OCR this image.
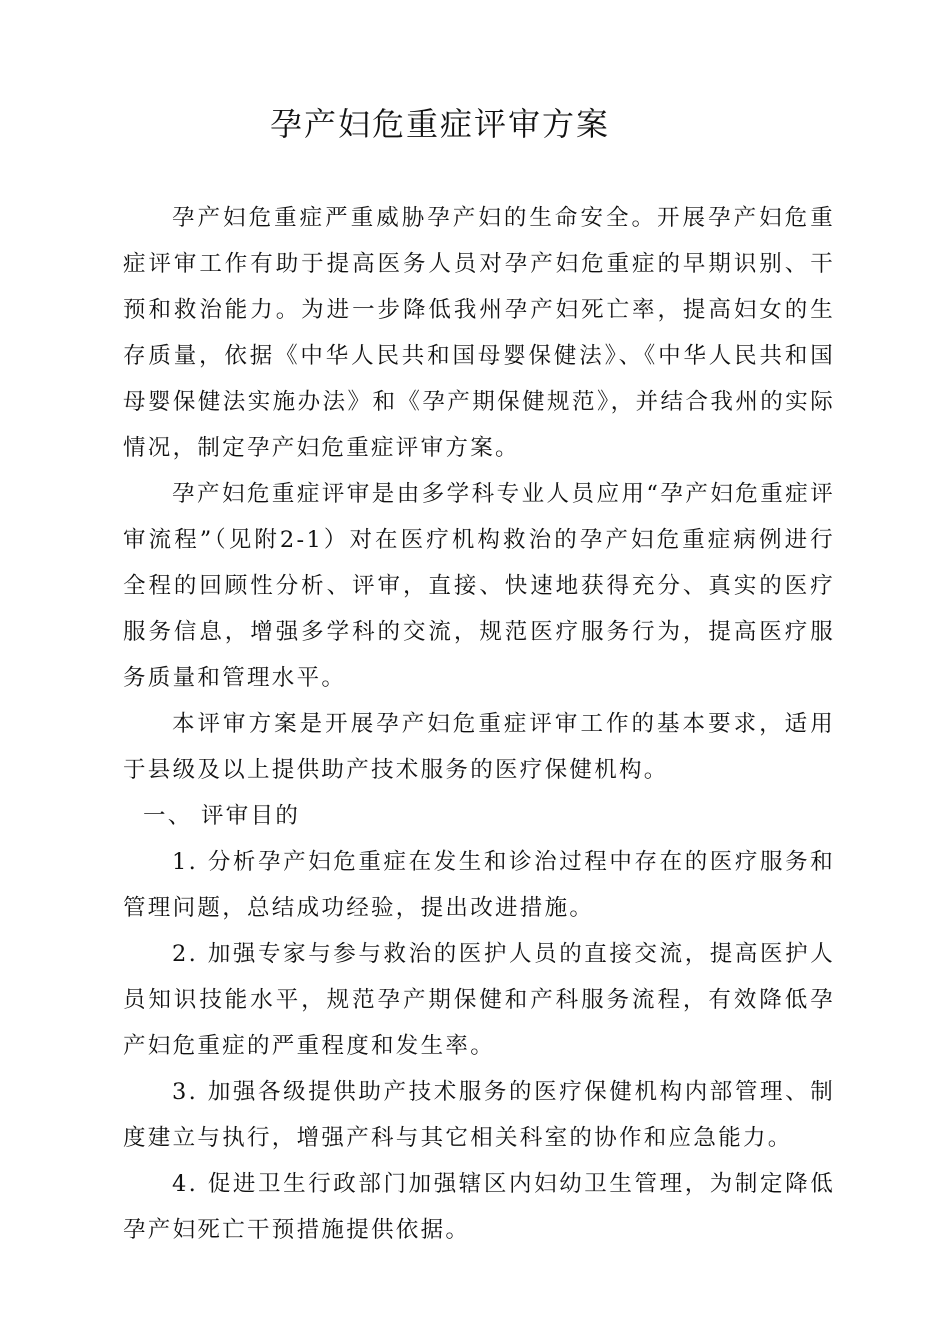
孕产妇危重症评审方案

孕产妇危重症严重威胁孕产妇的生命安全。开展孕产妇危重症评审工作有助于提高医务人员对孕产妇危重症的早期识别、干预和救治能力。为进一步降低我州孕产妇死亡率，提高妇女的生存质量，依据《中华人民共和国母婴保健法》、《中华人民共和国母婴保健法实施办法》和《孕产期保健规范》，并结合我州的实际情况，制定孕产妇危重症评审方案。

孕产妇危重症评审是由多学科专业人员应用“孕产妇危重症评审流程”（见附2-1）对在医疗机构救治的孕产妇危重症病例进行全程的回顾性分析、评审，直接、快速地获得充分、真实的医疗服务信息，增强多学科的交流，规范医疗服务行为，提高医疗服务质量和管理水平。

本评审方案是开展孕产妇危重症评审工作的基本要求，适用于县级及以上提供助产技术服务的医疗保健机构。

一、 评审目的

1. 分析孕产妇危重症在发生和诊治过程中存在的医疗服务和管理问题，总结成功经验，提出改进措施。

2. 加强专家与参与救治的医护人员的直接交流，提高医护人员知识技能水平，规范孕产期保健和产科服务流程，有效降低孕产妇危重症的严重程度和发生率。

3. 加强各级提供助产技术服务的医疗保健机构内部管理、制度建立与执行，增强产科与其它相关科室的协作和应急能力。

4. 促进卫生行政部门加强辖区内妇幼卫生管理，为制定降低孕产妇死亡干预措施提供依据。
